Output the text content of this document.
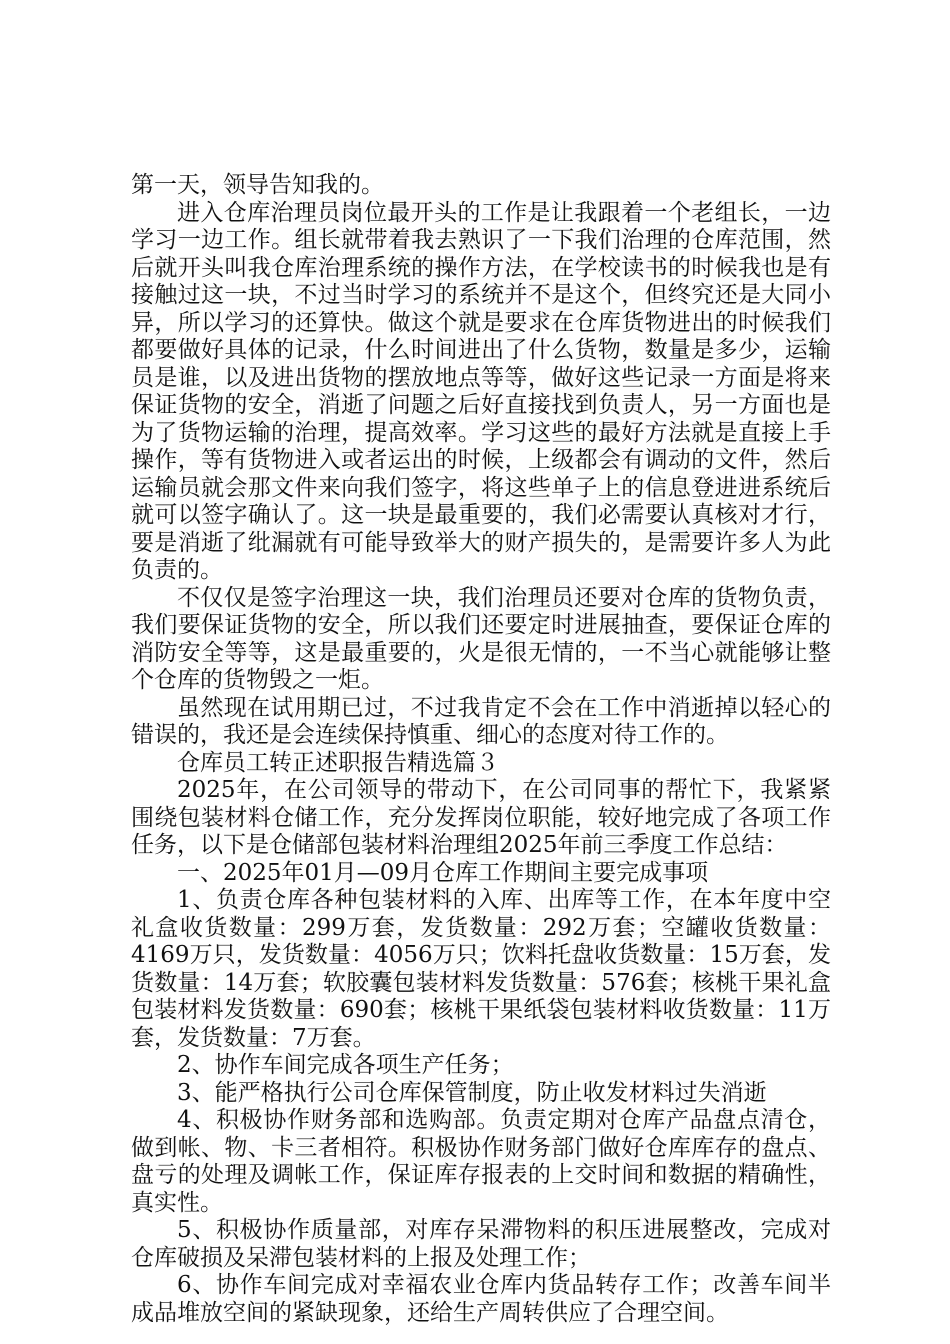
第一天，领导告知我的。

进入仓库治理员岗位最开头的工作是让我跟着一个老组长，一边学习一边工作。组长就带着我去熟识了一下我们治理的仓库范围，然后就开头叫我仓库治理系统的操作方法，在学校读书的时候我也是有接触过这一块，不过当时学习的系统并不是这个，但终究还是大同小异，所以学习的还算快。做这个就是要求在仓库货物进出的时候我们都要做好具体的记录，什么时间进出了什么货物，数量是多少，运输员是谁，以及进出货物的摆放地点等等，做好这些记录一方面是将来保证货物的安全，消逝了问题之后好直接找到负责人，另一方面也是为了货物运输的治理，提高效率。学习这些的最好方法就是直接上手操作，等有货物进入或者运出的时候，上级都会有调动的文件，然后运输员就会那文件来向我们签字，将这些单子上的信息登进进系统后就可以签字确认了。这一块是最重要的，我们必需要认真核对才行，要是消逝了纰漏就有可能导致举大的财产损失的，是需要许多人为此负责的。

不仅仅是签字治理这一块，我们治理员还要对仓库的货物负责，我们要保证货物的安全，所以我们还要定时进展抽查，要保证仓库的消防安全等等，这是最重要的，火是很无情的，一不当心就能够让整个仓库的货物毁之一炬。

虽然现在试用期已过，不过我肯定不会在工作中消逝掉以轻心的错误的，我还是会连续保持慎重、细心的态度对待工作的。

仓库员工转正述职报告精选篇３

2025年，在公司领导的带动下，在公司同事的帮忙下，我紧紧围绕包装材料仓储工作，充分发挥岗位职能，较好地完成了各项工作任务，以下是仓储部包装材料治理组2025年前三季度工作总结：

一、2025年01月—09月仓库工作期间主要完成事项

1、负责仓库各种包装材料的入库、出库等工作，在本年度中空礼盒收货数量：299万套，发货数量：292万套；空罐收货数量：4169万只，发货数量：4056万只；饮料托盘收货数量：15万套，发货数量：14万套；软胶囊包装材料发货数量：576套；核桃干果礼盒包装材料发货数量：690套；核桃干果纸袋包装材料收货数量：11万套，发货数量：7万套。

2、协作车间完成各项生产任务；

3、能严格执行公司仓库保管制度，防止收发材料过失消逝

4、积极协作财务部和选购部。负责定期对仓库产品盘点清仓，做到帐、物、卡三者相符。积极协作财务部门做好仓库库存的盘点、盘亏的处理及调帐工作，保证库存报表的上交时间和数据的精确性，真实性。

5、积极协作质量部，对库存呆滞物料的积压进展整改，完成对仓库破损及呆滞包装材料的上报及处理工作；

6、协作车间完成对幸福农业仓库内货品转存工作；改善车间半成品堆放空间的紧缺现象，还给生产周转供应了合理空间。
